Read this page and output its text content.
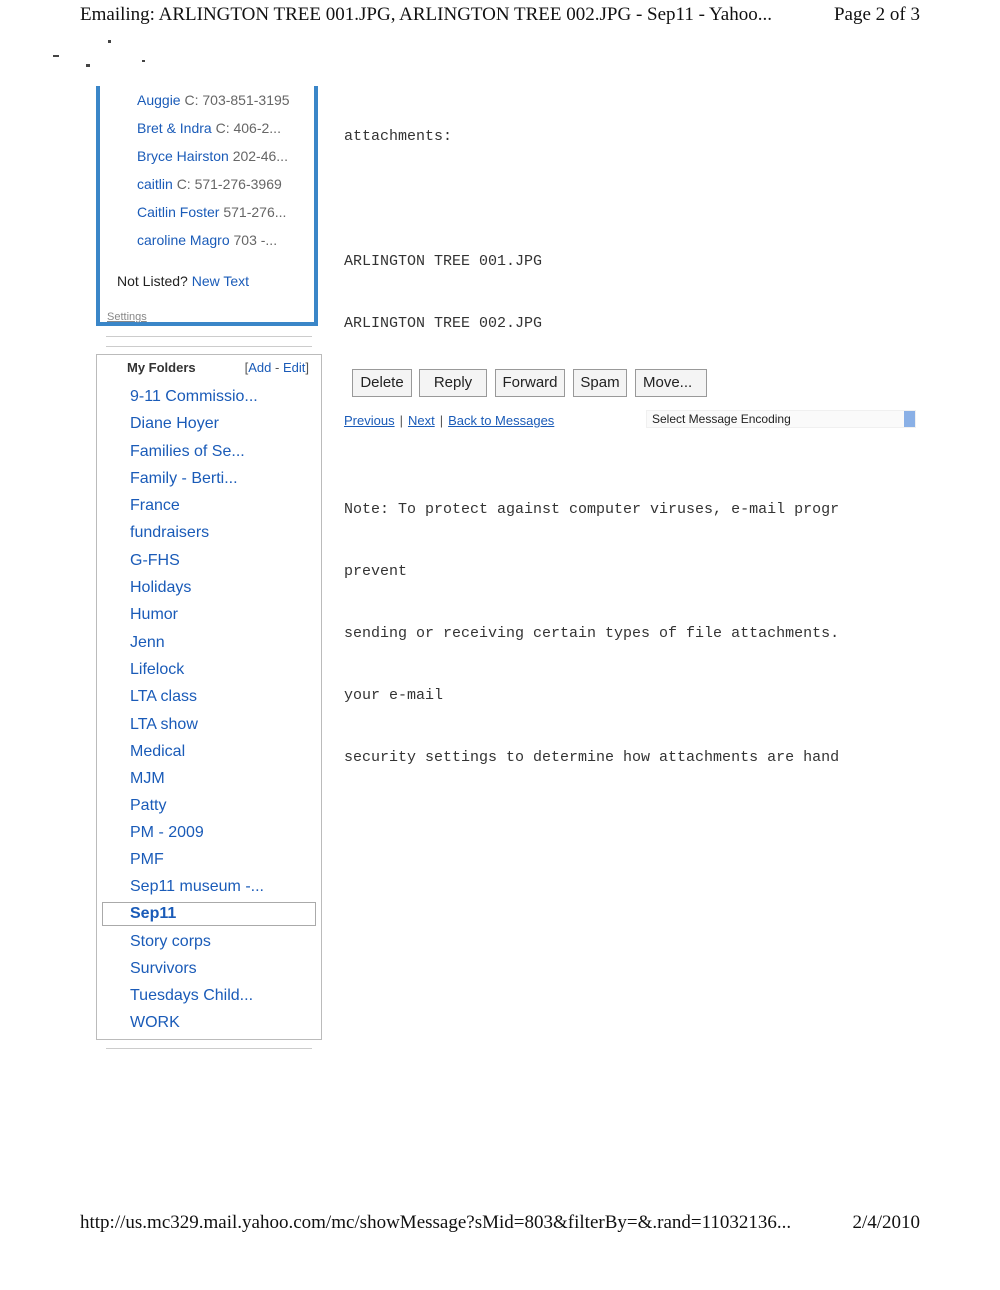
Emailing: ARLINGTON TREE 001.JPG, ARLINGTON TREE 002.JPG - Sep11 - Yahoo...	Page 2 of 3
Auggie C: 703-851-3195
Bret & Indra C: 406-2...
Bryce Hairston 202-46...
caitlin C: 571-276-3969
Caitlin Foster 571-276...
caroline Magro 703 -...
Not Listed? New Text
Settings
My Folders	[Add - Edit]
9-11 Commissio...
Diane Hoyer
Families of Se...
Family - Berti...
France
fundraisers
G-FHS
Holidays
Humor
Jenn
Lifelock
LTA class
LTA show
Medical
MJM
Patty
PM - 2009
PMF
Sep11 museum -...
Sep11
Story corps
Survivors
Tuesdays Child...
WORK

attachments:

ARLINGTON TREE 001.JPG

ARLINGTON TREE 002.JPG

Note: To protect against computer viruses, e-mail progr

prevent

sending or receiving certain types of file attachments.

your e-mail

security settings to determine how attachments are hand

Delete	Reply	Forward	Spam	Move...
Previous | Next | Back to Messages	Select Message Encoding
http://us.mc329.mail.yahoo.com/mc/showMessage?sMid=803&filterBy=&.rand=11032136...	2/4/2010
